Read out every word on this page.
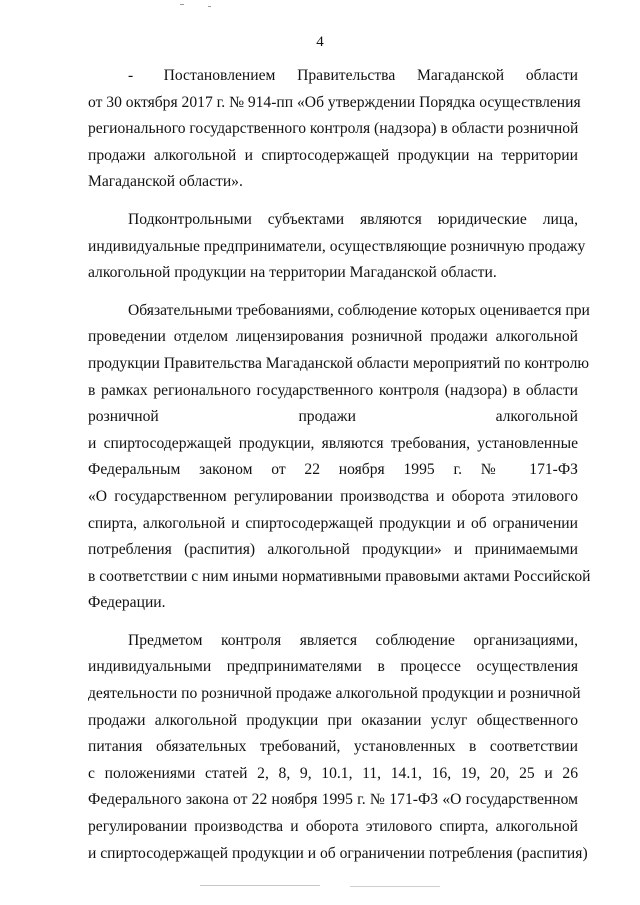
4

-       Постановлением     Правительства     Магаданской     области
от 30 октября 2017 г. № 914-пп «Об утверждении Порядка осуществления
регионального государственного контроля (надзора) в области розничной
продажи алкогольной и спиртосодержащей продукции на территории
Магаданской области».

Подконтрольными субъектами являются юридические лица,
индивидуальные предприниматели, осуществляющие розничную продажу
алкогольной продукции на территории Магаданской области.

Обязательными требованиями, соблюдение которых оценивается при
проведении отделом лицензирования розничной продажи алкогольной
продукции Правительства Магаданской области мероприятий по контролю
в рамках регионального государственного контроля (надзора) в области
розничной продажи алкогольной
и спиртосодержащей продукции, являются требования, установленные
Федеральным законом от 22 ноября 1995 г. № 171-ФЗ
«О государственном регулировании производства и оборота этилового
спирта, алкогольной и спиртосодержащей продукции и об ограничении
потребления (распития) алкогольной продукции» и принимаемыми
в соответствии с ним иными нормативными правовыми актами Российской
Федерации.

Предметом контроля является соблюдение организациями,
индивидуальными предпринимателями в процессе осуществления
деятельности по розничной продаже алкогольной продукции и розничной
продажи алкогольной продукции при оказании услуг общественного
питания обязательных требований, установленных в соответствии
с положениями статей 2, 8, 9, 10.1, 11, 14.1, 16, 19, 20, 25 и 26
Федерального закона от 22 ноября 1995 г. № 171-ФЗ «О государственном
регулировании производства и оборота этилового спирта, алкогольной
и спиртосодержащей продукции и об ограничении потребления (распития)
